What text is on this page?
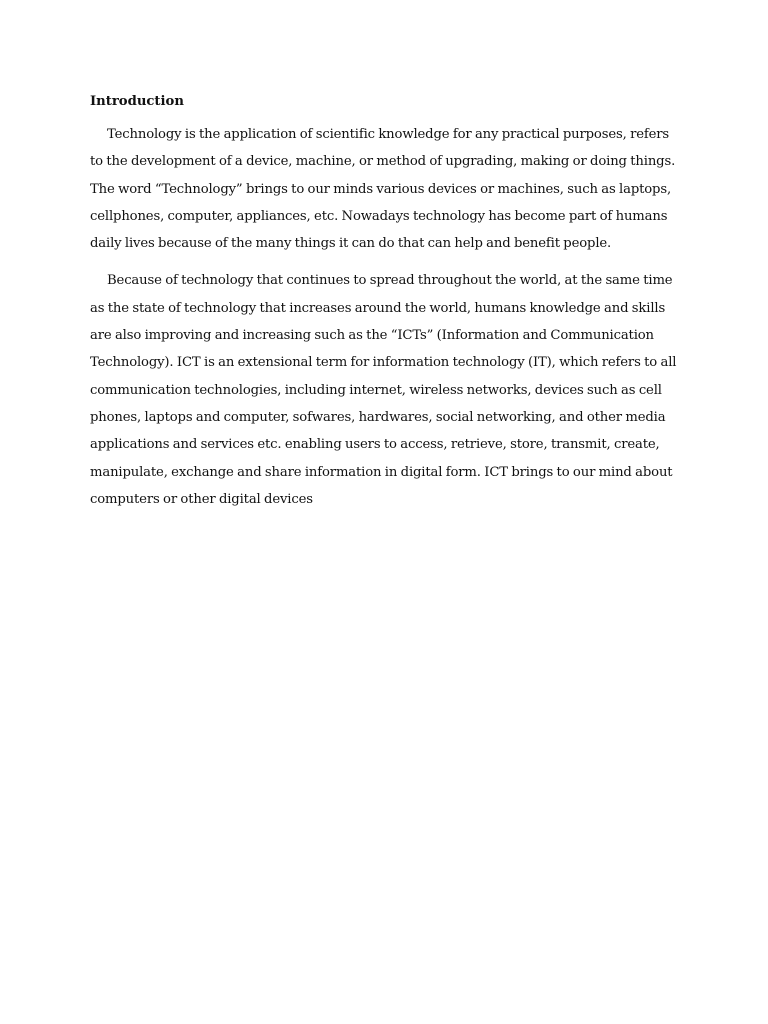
Introduction

Technology is the application of scientific knowledge for any practical purposes, refers to the development of a device, machine, or method of upgrading, making or doing things. The word “Technology” brings to our minds various devices or machines, such as laptops, cellphones, computer, appliances, etc. Nowadays technology has become part of humans daily lives because of the many things it can do that can help and benefit people.

Because of technology that continues to spread throughout the world, at the same time as the state of technology that increases around the world, humans knowledge and skills are also improving and increasing such as the “ICTs” (Information and Communication Technology). ICT is an extensional term for information technology (IT), which refers to all communication technologies, including internet, wireless networks, devices such as cell phones, laptops and computer, sofwares, hardwares, social networking, and other media applications and services etc. enabling users to access, retrieve, store, transmit, create, manipulate, exchange and share information in digital form. ICT brings to our mind about computers or other digital devices
